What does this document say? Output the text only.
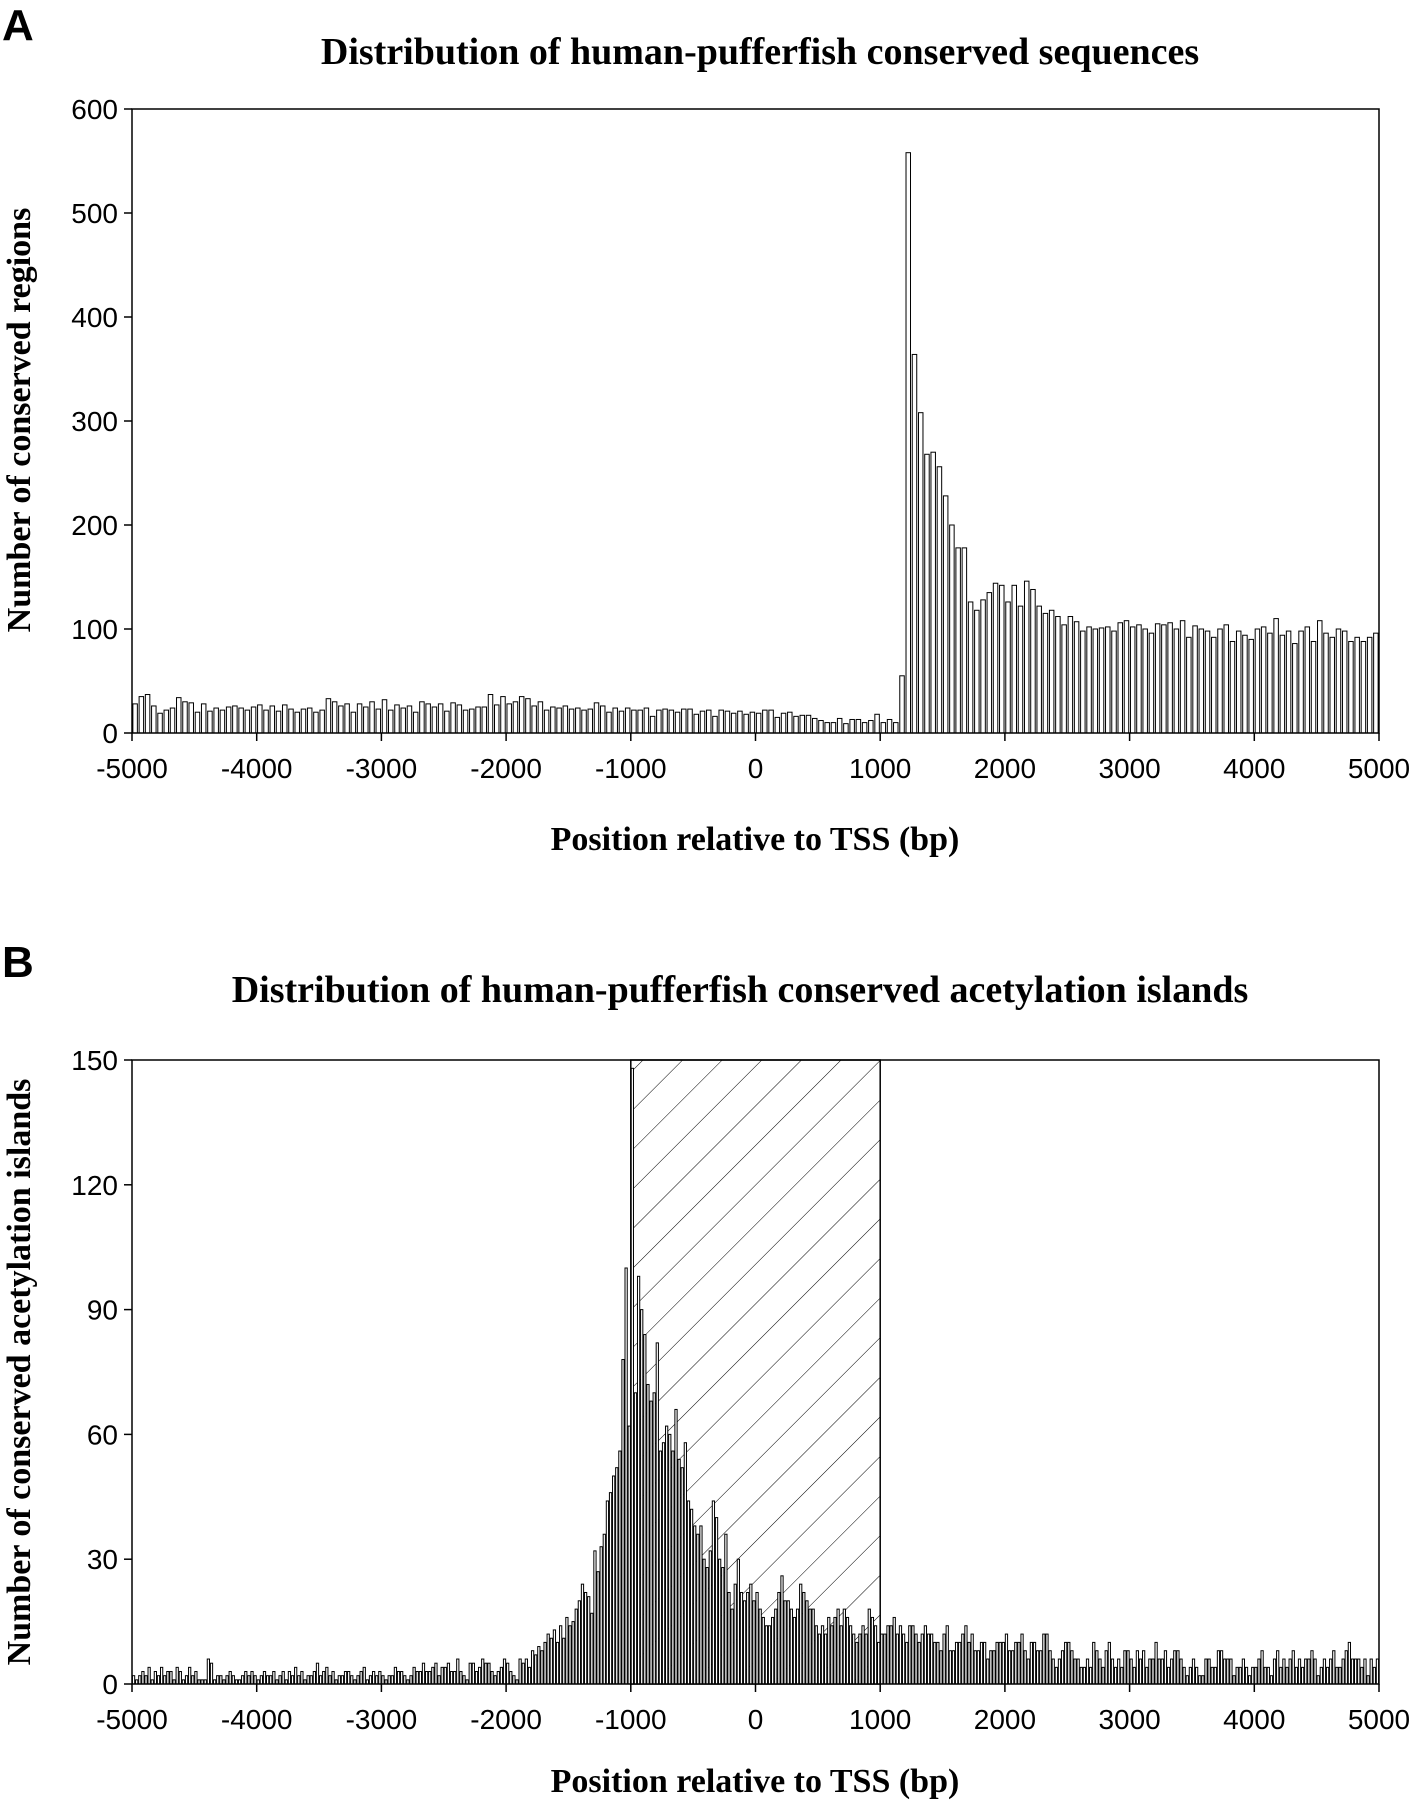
A
Distribution of human-pufferfish conserved sequences
0
100
200
300
400
500
600
-5000 -4000 -3000 -2000 -1000	0	1000 2000 3000 4000 5000
Position relative to TSS (bp)
Number of conserved regions
B
Distribution of human-pufferfish conserved acetylation islands
0
30
60
90
120
150
-5000 -4000 -3000 -2000 -1000	0	1000 2000 3000 4000 5000
Position relative to TSS (bp)
Number of conserved acetylation islands
